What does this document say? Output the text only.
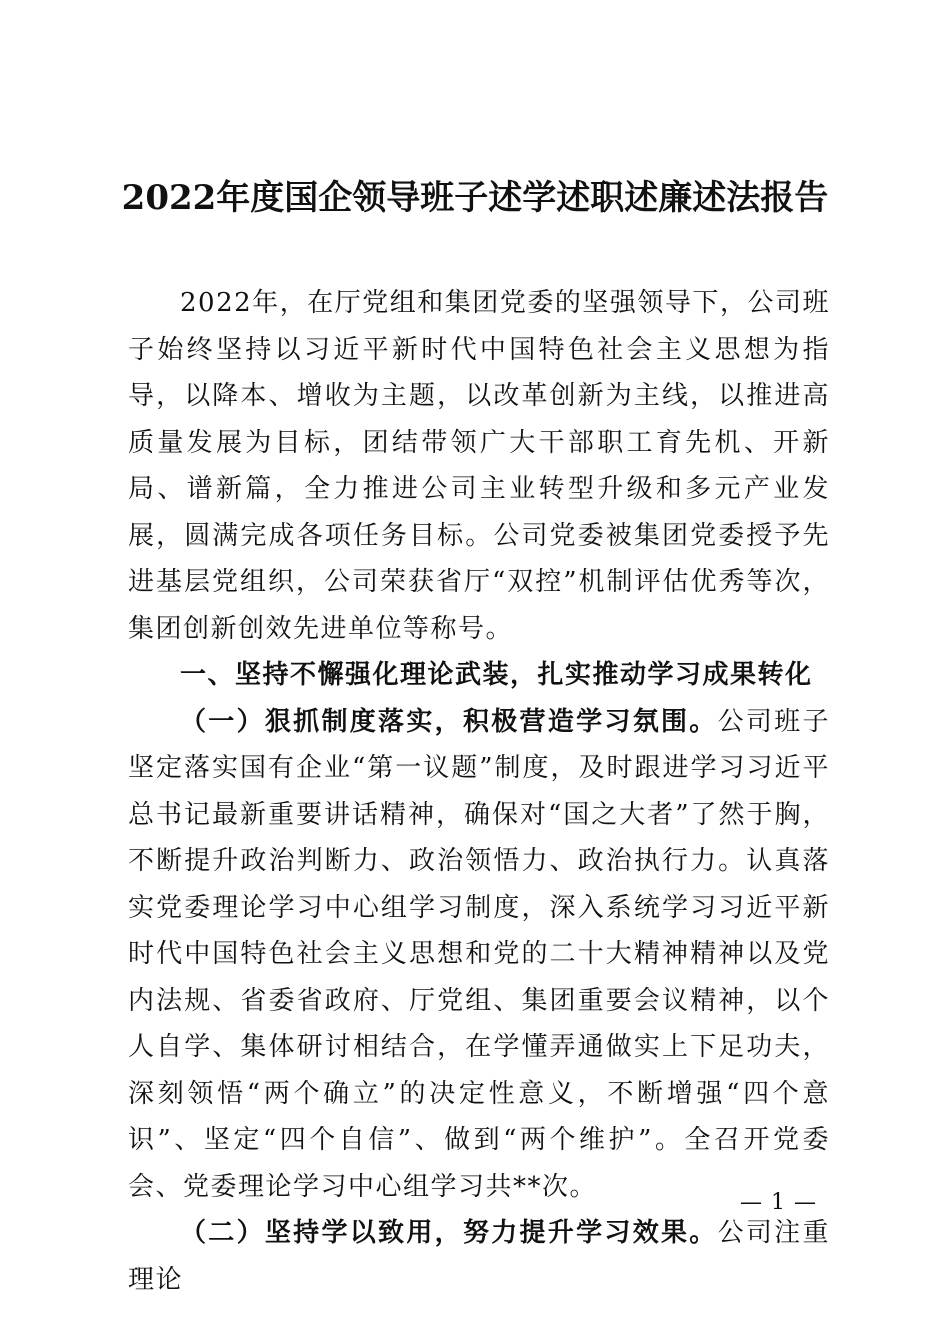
2022年度国企领导班子述学述职述廉述法报告

2022年，在厅党组和集团党委的坚强领导下，公司班子始终坚持以习近平新时代中国特色社会主义思想为指导，以降本、增收为主题，以改革创新为主线，以推进高质量发展为目标，团结带领广大干部职工育先机、开新局、谱新篇，全力推进公司主业转型升级和多元产业发展，圆满完成各项任务目标。公司党委被集团党委授予先进基层党组织，公司荣获省厅“双控”机制评估优秀等次，集团创新创效先进单位等称号。

一、坚持不懈强化理论武装，扎实推动学习成果转化

（一）狠抓制度落实，积极营造学习氛围。公司班子坚定落实国有企业“第一议题”制度，及时跟进学习习近平总书记最新重要讲话精神，确保对“国之大者”了然于胸，不断提升政治判断力、政治领悟力、政治执行力。认真落实党委理论学习中心组学习制度，深入系统学习习近平新时代中国特色社会主义思想和党的二十大精神精神以及党内法规、省委省政府、厅党组、集团重要会议精神，以个人自学、集体研讨相结合，在学懂弄通做实上下足功夫，深刻领悟“两个确立”的决定性意义，不断增强“四个意识”、坚定“四个自信”、做到“两个维护”。全召开党委会、党委理论学习中心组学习共**次。

（二）坚持学以致用，努力提升学习效果。公司注重理论

— 1 —
